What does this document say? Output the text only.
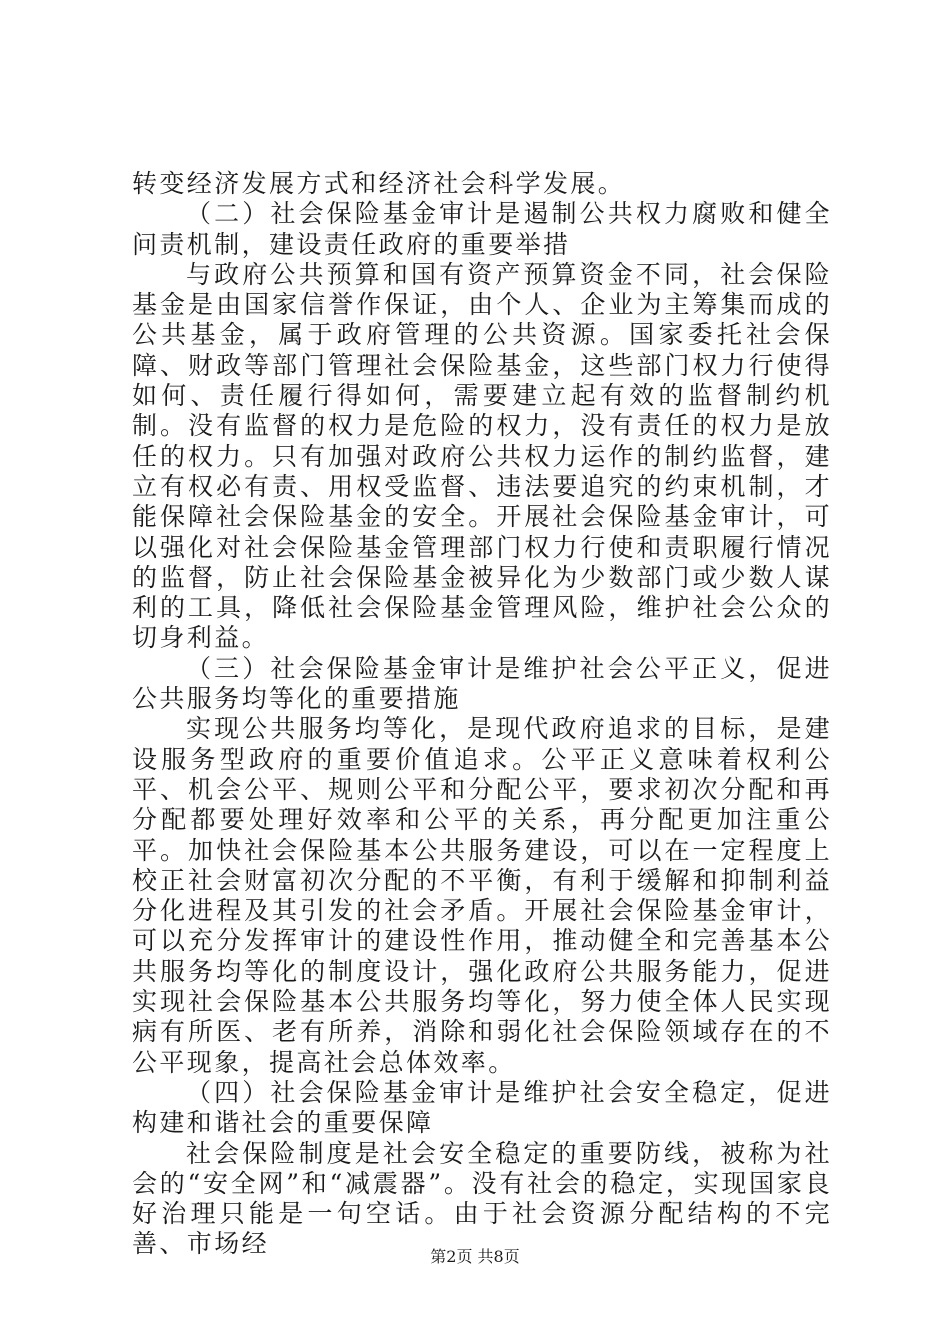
转变经济发展方式和经济社会科学发展。

（二）社会保险基金审计是遏制公共权力腐败和健全问责机制，建设责任政府的重要举措

与政府公共预算和国有资产预算资金不同，社会保险基金是由国家信誉作保证，由个人、企业为主筹集而成的公共基金，属于政府管理的公共资源。国家委托社会保障、财政等部门管理社会保险基金，这些部门权力行使得如何、责任履行得如何，需要建立起有效的监督制约机制。没有监督的权力是危险的权力，没有责任的权力是放任的权力。只有加强对政府公共权力运作的制约监督，建立有权必有责、用权受监督、违法要追究的约束机制，才能保障社会保险基金的安全。开展社会保险基金审计，可以强化对社会保险基金管理部门权力行使和责职履行情况的监督，防止社会保险基金被异化为少数部门或少数人谋利的工具，降低社会保险基金管理风险，维护社会公众的切身利益。

（三）社会保险基金审计是维护社会公平正义，促进公共服务均等化的重要措施

实现公共服务均等化，是现代政府追求的目标，是建设服务型政府的重要价值追求。公平正义意味着权利公平、机会公平、规则公平和分配公平，要求初次分配和再分配都要处理好效率和公平的关系，再分配更加注重公平。加快社会保险基本公共服务建设，可以在一定程度上校正社会财富初次分配的不平衡，有利于缓解和抑制利益分化进程及其引发的社会矛盾。开展社会保险基金审计，可以充分发挥审计的建设性作用，推动健全和完善基本公共服务均等化的制度设计，强化政府公共服务能力，促进实现社会保险基本公共服务均等化，努力使全体人民实现病有所医、老有所养，消除和弱化社会保险领域存在的不公平现象，提高社会总体效率。

（四）社会保险基金审计是维护社会安全稳定，促进构建和谐社会的重要保障

社会保险制度是社会安全稳定的重要防线，被称为社会的“安全网”和“减震器”。没有社会的稳定，实现国家良好治理只能是一句空话。由于社会资源分配结构的不完善、市场经	第2页 共8页
